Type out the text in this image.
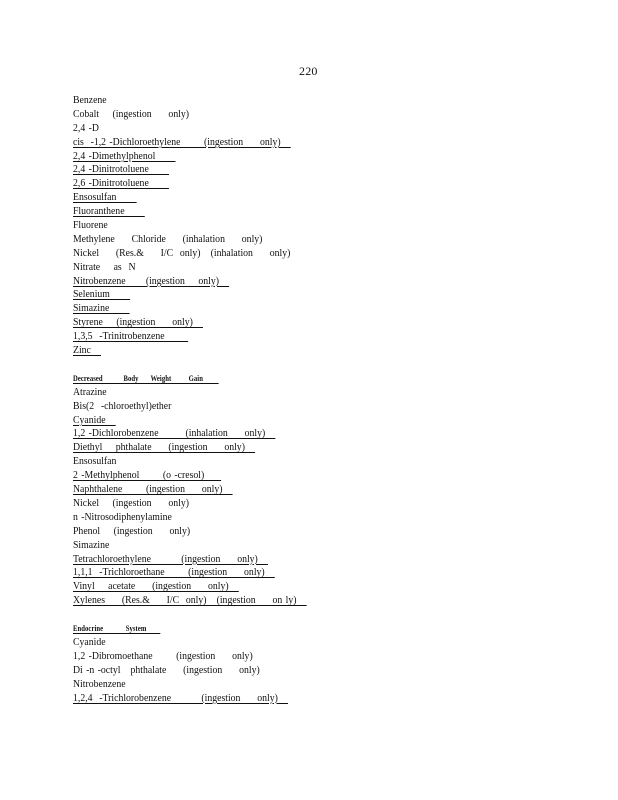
220
Benzene
Cobalt    (ingestion     only)
2,4 -D
cis  -1,2 -Dichloroethylene       (ingestion     only)
2,4 -Dimethylphenol
2,4 -Dinitrotoluene
2,6 -Dinitrotoluene
Ensosulfan
Fluoranthene
Fluorene
Methylene     Chloride     (inhalation     only)
Nickel     (Res.&     I/C  only)   (inhalation     only)
Nitrate    as  N
Nitrobenzene      (ingestion    only)
Selenium
Simazine
Styrene    (ingestion     only)
1,3,5  -Trinitrobenzene
Zinc
Decreased            Body       Weight          Gain
Atrazine
Bis(2  -chloroethyl)ether
Cyanide
1,2 -Dichlorobenzene        (inhalation     only)
Diethyl    phthalate     (ingestion     only)
Ensosulfan
2 -Methylphenol       (o -cresol)
Naphthalene       (ingestion     only)
Nickel    (ingestion     only)
n -Nitrosodiphenylamine
Phenol    (ingestion     only)
Simazine
Tetrachloroethylene         (ingestion     only)
1,1,1  -Trichloroethane       (ingestion     only)
Vinyl    acetate     (ingestion     only)
Xylenes     (Res.&     I/C  only)   (ingestion     on ly)
Endocrine             System
Cyanide
1,2 -Dibromoethane       (ingestion     only)
Di -n -octyl   phthalate     (ingestion     only)
Nitrobenzene
1,2,4  -Trichlorobenzene         (ingestion     only)
